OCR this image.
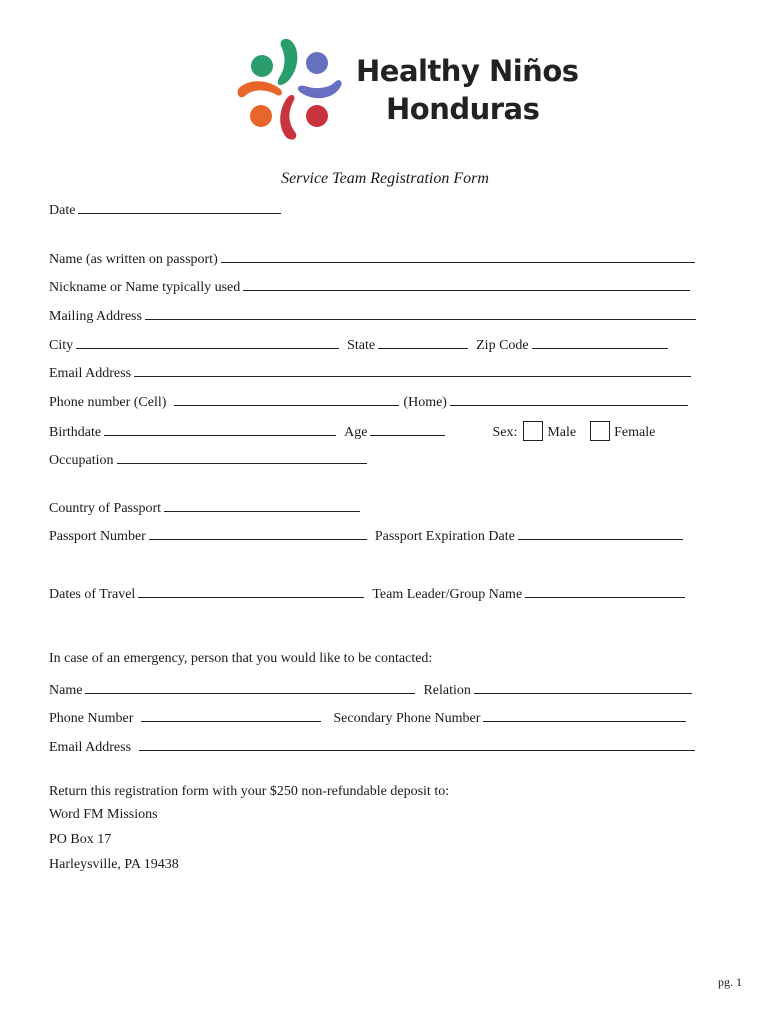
Healthy Niños
Honduras
Service Team Registration Form
Date
Name (as written on passport)
Nickname or Name typically used
Mailing Address
City	State	Zip Code
Email Address
Phone number (Cell)	(Home)
Birthdate	Age	Sex: Male	Female
Occupation
Country of Passport
Passport Number	Passport Expiration Date
Dates of Travel	Team Leader/Group Name
In case of an emergency, person that you would like to be contacted:
Name	Relation
Phone Number	Secondary Phone Number
Email Address
Return this registration form with your $250 non-refundable deposit to:
Word FM Missions
PO Box 17
Harleysville, PA 19438
pg. 1
